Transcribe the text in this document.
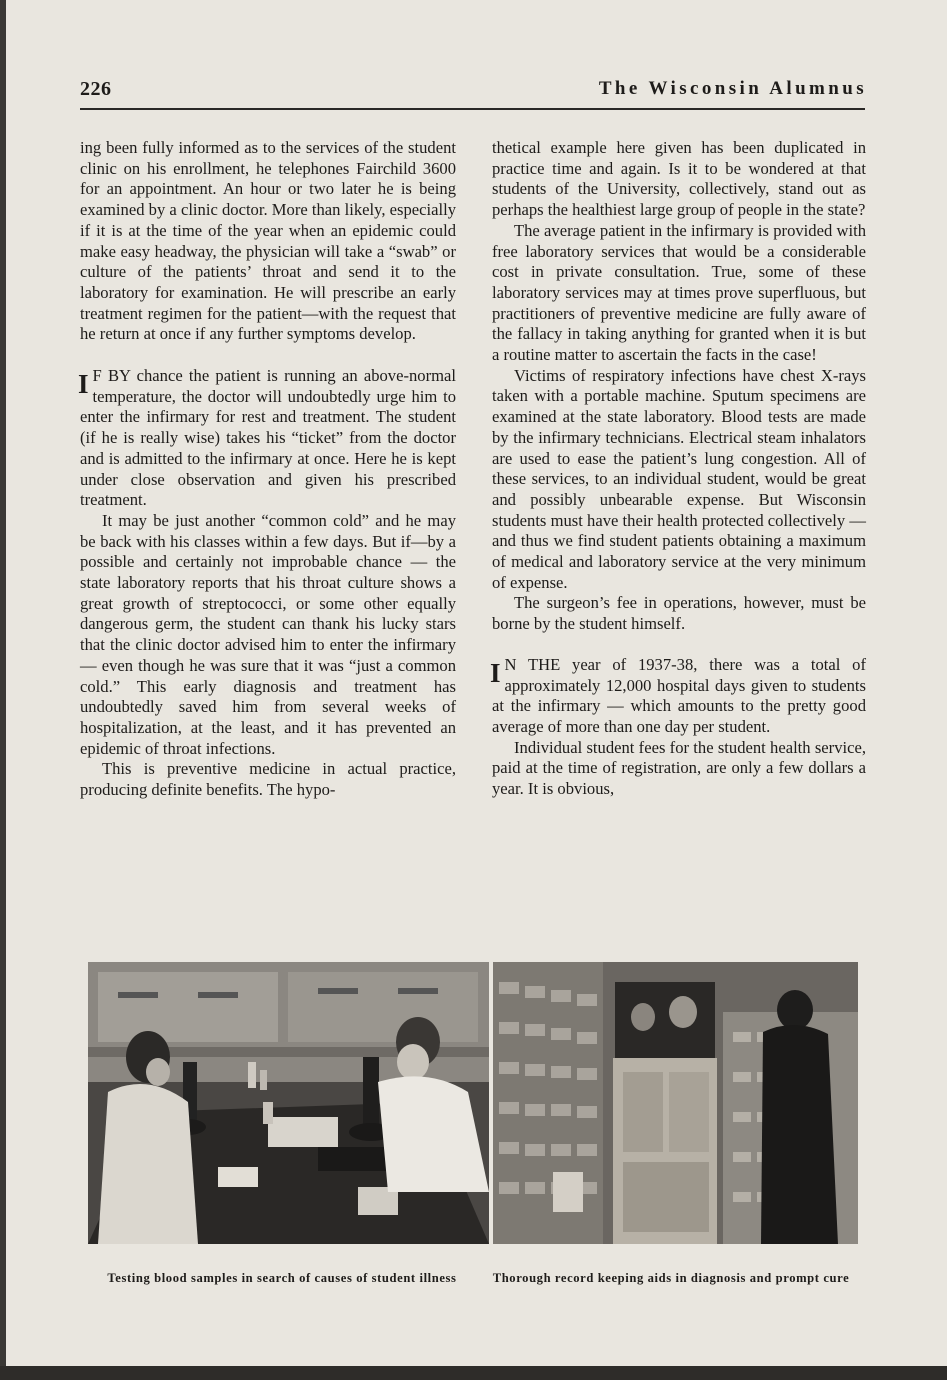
226	The Wisconsin Alumnus

ing been fully informed as to the services of the student clinic on his enrollment, he telephones Fairchild 3600 for an appointment. An hour or two later he is being examined by a clinic doctor. More than likely, especially if it is at the time of the year when an epidemic could make easy headway, the physician will take a “swab” or culture of the patients’ throat and send it to the laboratory for examination. He will prescribe an early treatment regimen for the patient—with the request that he return at once if any further symptoms develop.

I F BY chance the patient is running an above-normal temperature, the doctor will undoubtedly urge him to enter the infirmary for rest and treatment. The student (if he is really wise) takes his “ticket” from the doctor and is admitted to the infirmary at once. Here he is kept under close observation and given his prescribed treatment.

It may be just another “common cold” and he may be back with his classes within a few days. But if—by a possible and certainly not improbable chance — the state laboratory reports that his throat culture shows a great growth of streptococci, or some other equally dangerous germ, the student can thank his lucky stars that the clinic doctor advised him to enter the infirmary — even though he was sure that it was “just a common cold.” This early diagnosis and treatment has undoubtedly saved him from several weeks of hospitalization, at the least, and it has prevented an epidemic of throat infections.

This is preventive medicine in actual practice, producing definite benefits. The hypo-

thetical example here given has been duplicated in practice time and again. Is it to be wondered at that students of the University, collectively, stand out as perhaps the healthiest large group of people in the state?

The average patient in the infirmary is provided with free laboratory services that would be a considerable cost in private consultation. True, some of these laboratory services may at times prove superfluous, but practitioners of preventive medicine are fully aware of the fallacy in taking anything for granted when it is but a routine matter to ascertain the facts in the case!

Victims of respiratory infections have chest X-rays taken with a portable machine. Sputum specimens are examined at the state laboratory. Blood tests are made by the infirmary technicians. Electrical steam inhalators are used to ease the patient’s lung congestion. All of these services, to an individual student, would be great and possibly unbearable expense. But Wisconsin students must have their health protected collectively — and thus we find student patients obtaining a maximum of medical and laboratory service at the very minimum of expense.

The surgeon’s fee in operations, however, must be borne by the student himself.

I N THE year of 1937-38, there was a total of approximately 12,000 hospital days given to students at the infirmary — which amounts to the pretty good average of more than one day per student.

Individual student fees for the student health service, paid at the time of registration, are only a few dollars a year. It is obvious,

Testing blood samples in search of causes of student illness	Thorough record keeping aids in diagnosis and prompt cure
